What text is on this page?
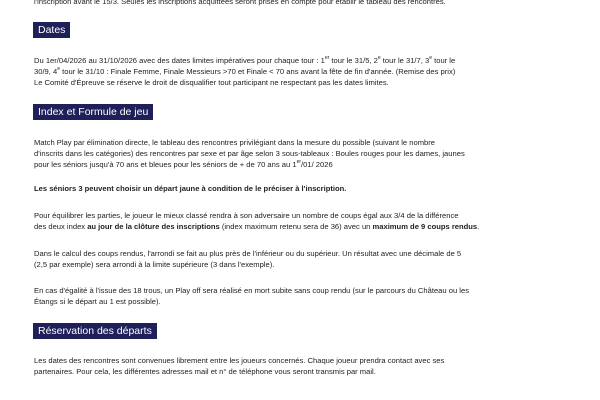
l'inscription avant le 15/3. Seules les inscriptions acquittées seront prises en compte pour établir le tableau des rencontres.
Dates
Du 1er/04/2026 au 31/10/2026 avec des dates limites impératives pour chaque tour : 1er tour le 31/5, 2e tour le 31/7, 3e tour le
30/9, 4e tour le 31/10 : Finale Femme, Finale Messieurs >70 et Finale < 70 ans avant la fête de fin d'année. (Remise des prix)
Le Comité d'Épreuve se réserve le droit de disqualifier tout participant ne respectant pas les dates limites.
Index et Formule de jeu
Match Play par élimination directe, le tableau des rencontres privilégiant dans la mesure du possible (suivant le nombre
d'inscrits dans les catégories) des rencontres par sexe et par âge selon 3 sous-tableaux : Boules rouges pour les dames, jaunes
pour les séniors jusqu'à 70 ans et bleues pour les séniors de + de 70 ans au 1er/01/ 2026
Les séniors 3 peuvent choisir un départ jaune à condition de le préciser à l'inscription.
Pour équilibrer les parties, le joueur le mieux classé rendra à son adversaire un nombre de coups égal aux 3/4 de la différence
des deux index au jour de la clôture des inscriptions (index maximum retenu sera de 36) avec un maximum de 9 coups rendus.
Dans le calcul des coups rendus, l'arrondi se fait au plus près de l'inférieur ou du supérieur. Un résultat avec une décimale de 5
(2,5 par exemple) sera arrondi à la limite supérieure (3 dans l'exemple).
En cas d'égalité à l'issue des 18 trous, un Play off sera réalisé en mort subite sans coup rendu (sur le parcours du Château ou les
Étangs si le départ au 1 est possible).
Réservation des départs
Les dates des rencontres sont convenues librement entre les joueurs concernés. Chaque joueur prendra contact avec ses
partenaires. Pour cela, les différentes adresses mail et n° de téléphone vous seront transmis par mail.
